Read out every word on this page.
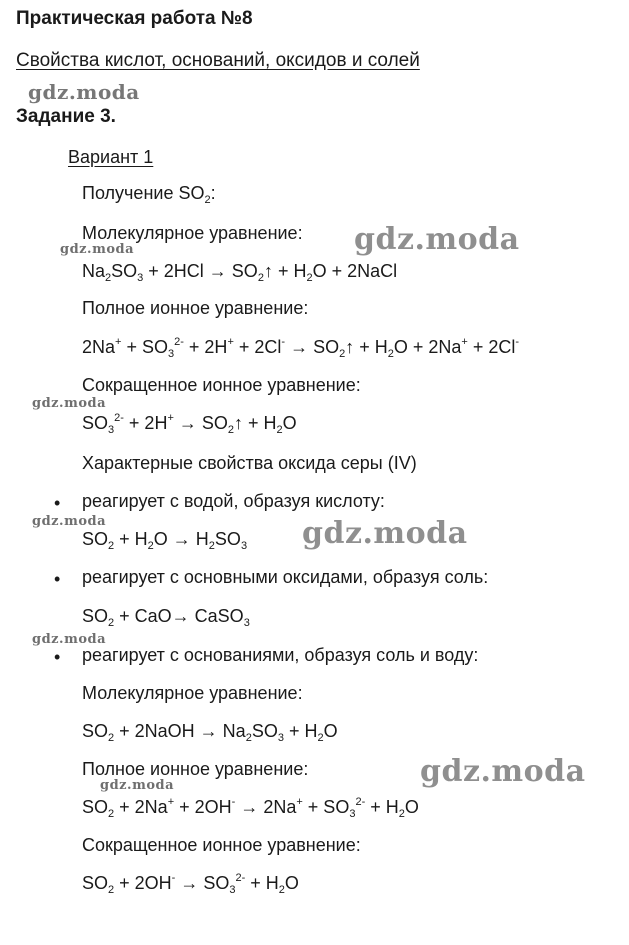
Практическая работа №8
Свойства кислот, оснований, оксидов и солей
gdz.moda
Задание 3.
Вариант 1
Получение $SO_2$:
Молекулярное уравнение: gdz.moda
gdz.moda
$Na_2SO_3 + 2HCl$ → $SO_2↑ + H_2O$ + 2NaCl
Полное ионное уравнение:
$2Na^+ + SO_3^{2-} + 2H^+ + 2Cl^-$ → $SO_2↑ + H_2O + 2Na^+ + 2Cl^-$
Сокращенное ионное уравнение:
gdz.moda
$SO_3^{2-} + 2H^+$ → $SO_2↑ + H_2O$
Характерные свойства оксида серы (IV)
• реагирует с водой, образуя кислоту:
gdz.moda
$SO_2 + H_2O \to H_2SO_3$ gdz.moda
• реагирует с основными оксидами, образуя соль:
$SO_2 + CaO\to$ CaSO$_3$
gdz.moda
• реагирует с основаниями, образуя соль и воду:
Молекулярное уравнение:
$SO_2$ + 2NaOH → $Na_2SO_3 + H_2O$
Полное ионное уравнение:	gdz.moda
gdz.moda
$SO_2 + 2Na^+ + 2OH^- \to 2Na^+ + SO_3^{2-} + H_2O$
Сокращенное ионное уравнение:
$SO_2 + 2OH^- \to SO_3^{2-} + H_2O$
